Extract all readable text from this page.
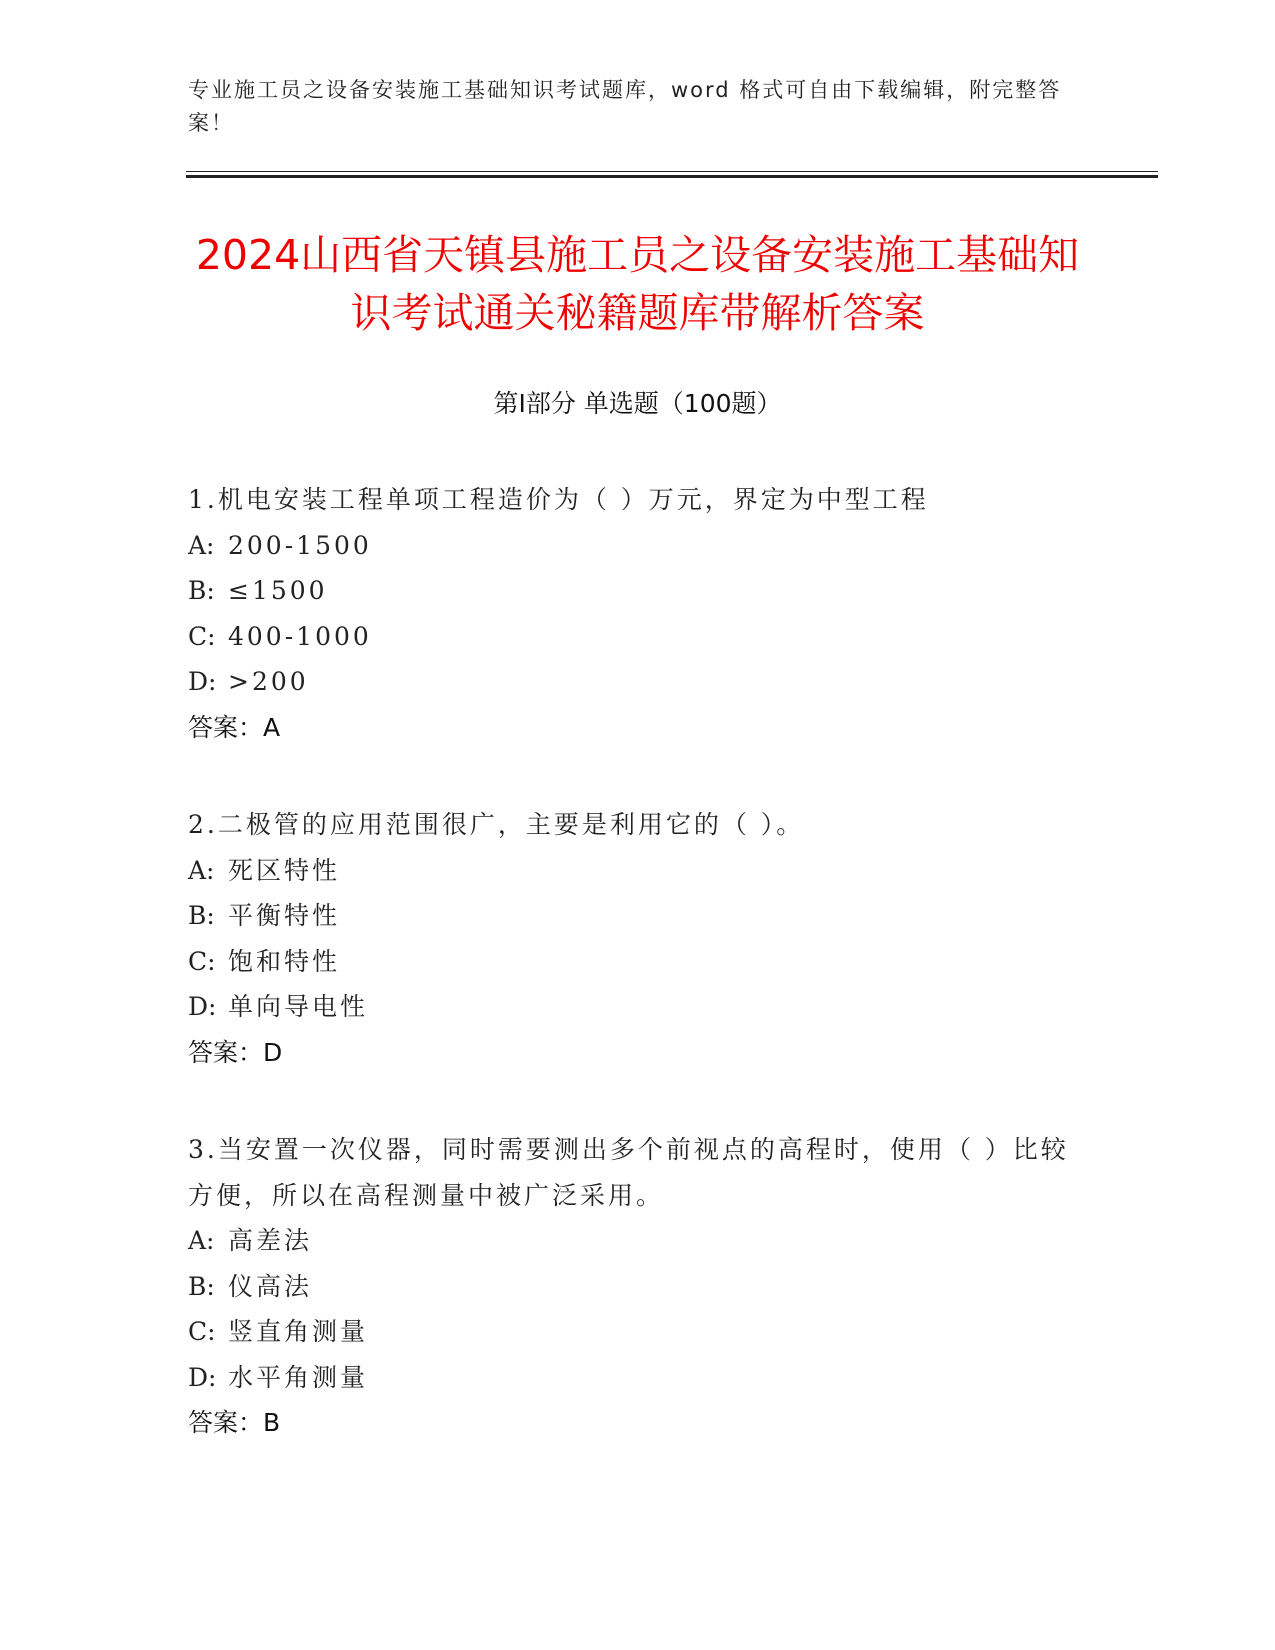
专业施工员之设备安装施工基础知识考试题库，word 格式可自由下载编辑，附完整答案！
2024山西省天镇县施工员之设备安装施工基础知识考试通关秘籍题库带解析答案
第Ⅰ部分 单选题（100题）

1.机电安装工程单项工程造价为（ ）万元，界定为中型工程

A: 200-1500

B: ≤1500

C: 400-1000

D: >200

答案：A

2.二极管的应用范围很广，主要是利用它的（ ）。

A: 死区特性

B: 平衡特性

C: 饱和特性

D: 单向导电性

答案：D

3.当安置一次仪器，同时需要测出多个前视点的高程时，使用（ ）比较方便，所以在高程测量中被广泛采用。

A: 高差法

B: 仪高法

C: 竖直角测量

D: 水平角测量

答案：B
